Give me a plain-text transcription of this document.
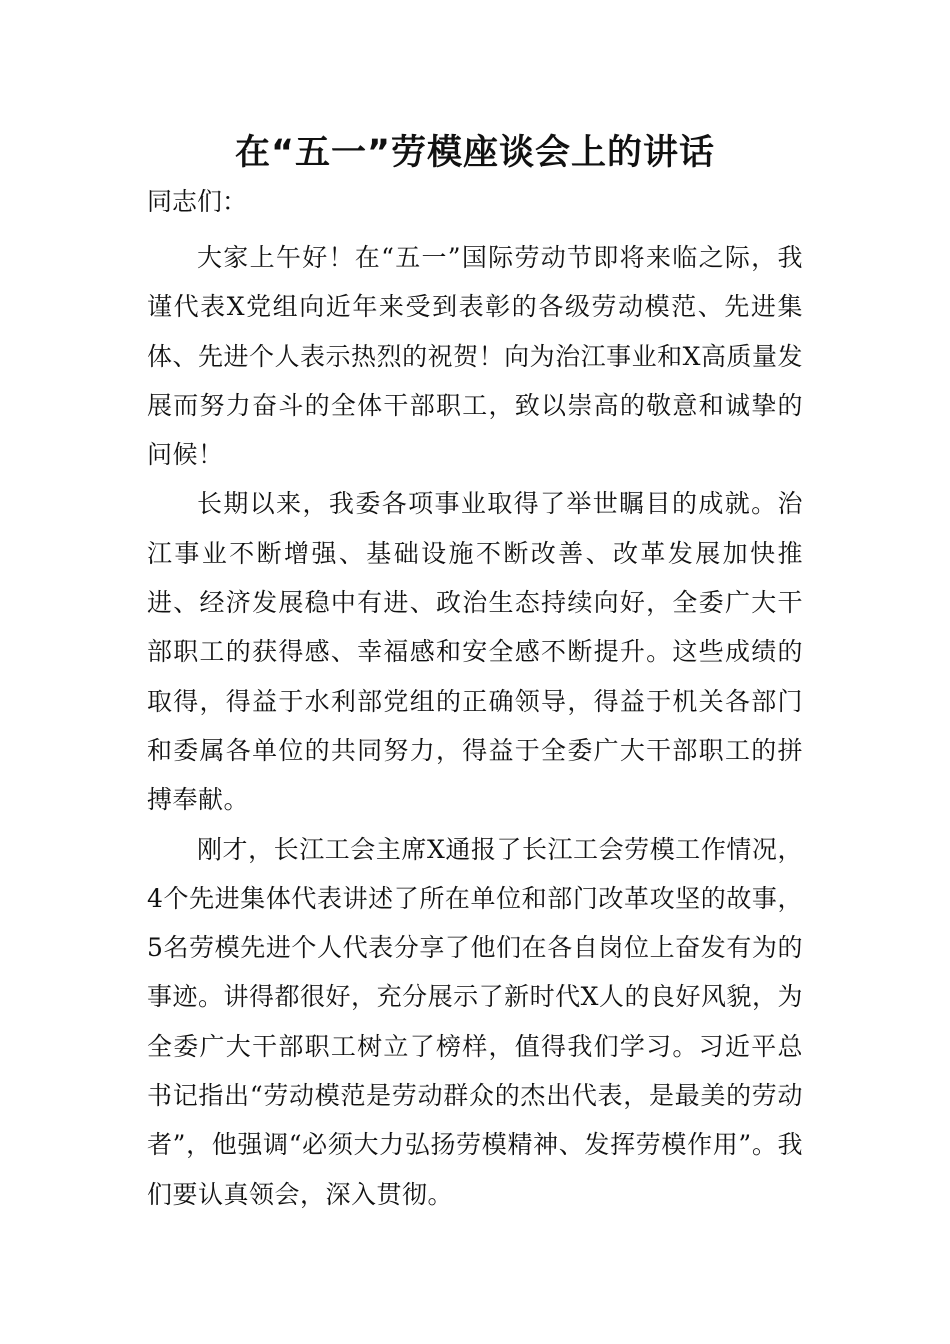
在“五一”劳模座谈会上的讲话

同志们：

大家上午好！在“五一”国际劳动节即将来临之际，我谨代表X党组向近年来受到表彰的各级劳动模范、先进集体、先进个人表示热烈的祝贺！向为治江事业和X高质量发展而努力奋斗的全体干部职工，致以崇高的敬意和诚挚的问候！

长期以来，我委各项事业取得了举世瞩目的成就。治江事业不断增强、基础设施不断改善、改革发展加快推进、经济发展稳中有进、政治生态持续向好，全委广大干部职工的获得感、幸福感和安全感不断提升。这些成绩的取得，得益于水利部党组的正确领导，得益于机关各部门和委属各单位的共同努力，得益于全委广大干部职工的拼搏奉献。

刚才，长江工会主席X通报了长江工会劳模工作情况，4个先进集体代表讲述了所在单位和部门改革攻坚的故事，5名劳模先进个人代表分享了他们在各自岗位上奋发有为的事迹。讲得都很好，充分展示了新时代X人的良好风貌，为全委广大干部职工树立了榜样，值得我们学习。习近平总书记指出“劳动模范是劳动群众的杰出代表，是最美的劳动者”，他强调“必须大力弘扬劳模精神、发挥劳模作用”。我们要认真领会，深入贯彻。
